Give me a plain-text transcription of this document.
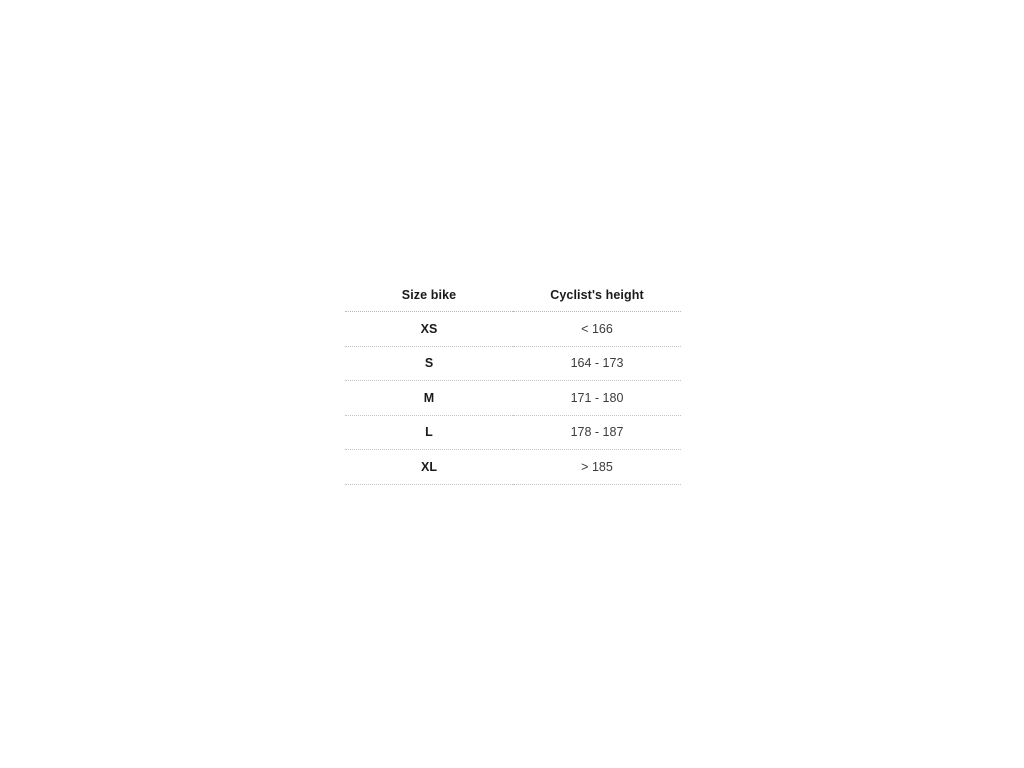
Size bike	Cyclist's height
XS	< 166
S	164 - 173
M	171 - 180
L	178 - 187
XL	> 185
